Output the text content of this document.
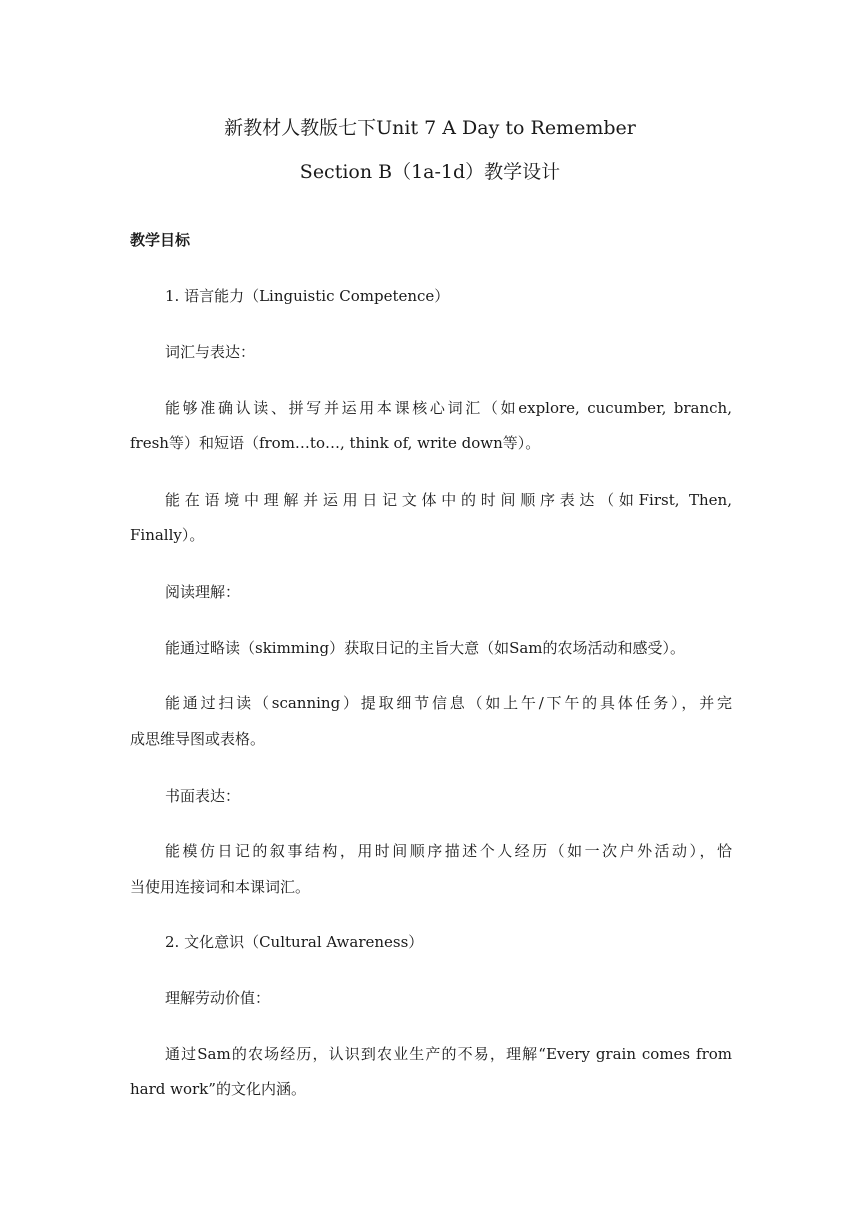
新教材人教版七下Unit 7 A Day to Remember
Section B（1a-1d）教学设计
教学目标
1. 语言能力（Linguistic Competence）
词汇与表达：
能够准确认读、拼写并运用本课核心词汇（如explore, cucumber, branch,
fresh等）和短语（from…to…, think of, write down等）。
能在语境中理解并运用日记文体中的时间顺序表达（如First, Then,
Finally）。
阅读理解：
能通过略读（skimming）获取日记的主旨大意（如Sam的农场活动和感受）。
能通过扫读（scanning）提取细节信息（如上午/下午的具体任务），并完
成思维导图或表格。
书面表达：
能模仿日记的叙事结构，用时间顺序描述个人经历（如一次户外活动），恰
当使用连接词和本课词汇。
2. 文化意识（Cultural Awareness）
理解劳动价值：
通过Sam的农场经历，认识到农业生产的不易，理解“Every grain comes from
hard work”的文化内涵。
